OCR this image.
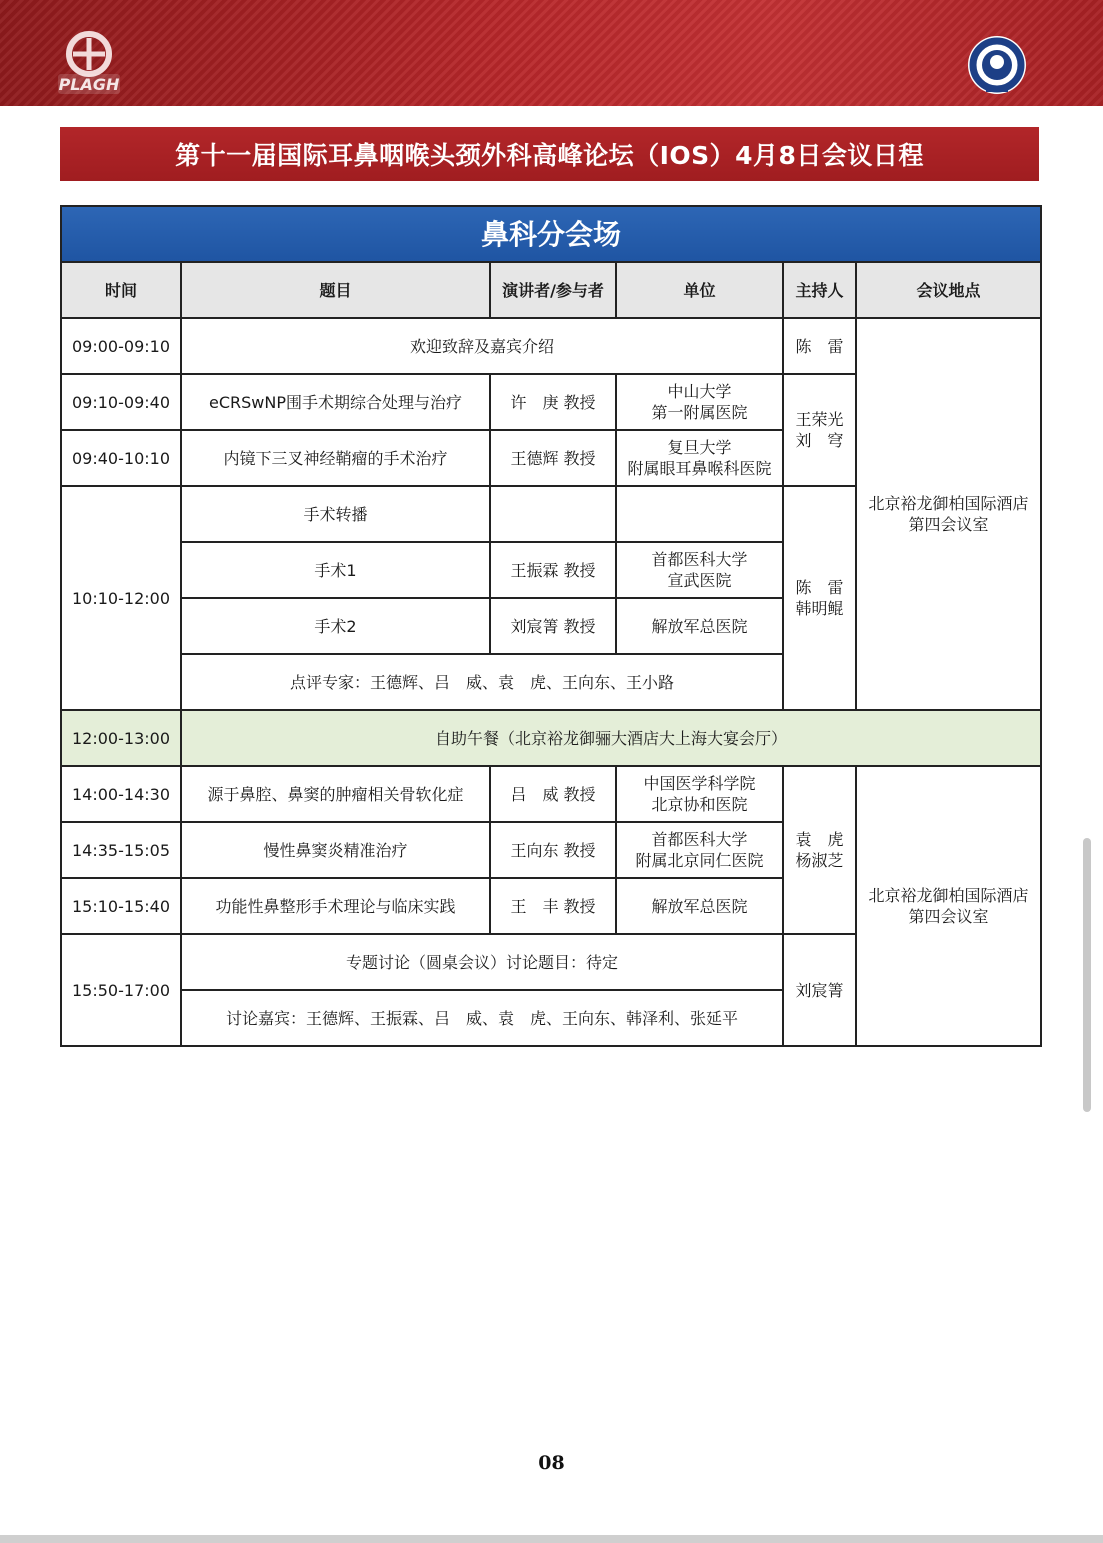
PLAGH
第十一届国际耳鼻咽喉头颈外科高峰论坛（IOS）4月8日会议日程
鼻科分会场					
时间	题目	演讲者/参与者	单位	主持人	会议地点
09:00-09:10	欢迎致辞及嘉宾介绍			陈　雷	北京裕龙御柏国际酒店
第四会议室
09:10-09:40	eCRSwNP围手术期综合处理与治疗	许　庚 教授	中山大学
第一附属医院	王荣光
刘　穹	
09:40-10:10	内镜下三叉神经鞘瘤的手术治疗	王德辉 教授	复旦大学
附属眼耳鼻喉科医院		
10:10-12:00	手术转播			陈　雷
韩明鲲	
	手术1	王振霖 教授	首都医科大学
宣武医院		
	手术2	刘宸箐 教授	解放军总医院		
	点评专家：王德辉、吕　威、袁　虎、王向东、王小路				
12:00-13:00	自助午餐（北京裕龙御骊大酒店大上海大宴会厅）				
14:00-14:30	源于鼻腔、鼻窦的肿瘤相关骨软化症	吕　威 教授	中国医学科学院
北京协和医院	袁　虎
杨淑芝	北京裕龙御柏国际酒店
第四会议室
14:35-15:05	慢性鼻窦炎精准治疗	王向东 教授	首都医科大学
附属北京同仁医院		
15:10-15:40	功能性鼻整形手术理论与临床实践	王　丰 教授	解放军总医院		
15:50-17:00	专题讨论（圆桌会议）讨论题目：待定			刘宸箐	
	讨论嘉宾：王德辉、王振霖、吕　威、袁　虎、王向东、韩泽利、张延平				
08
